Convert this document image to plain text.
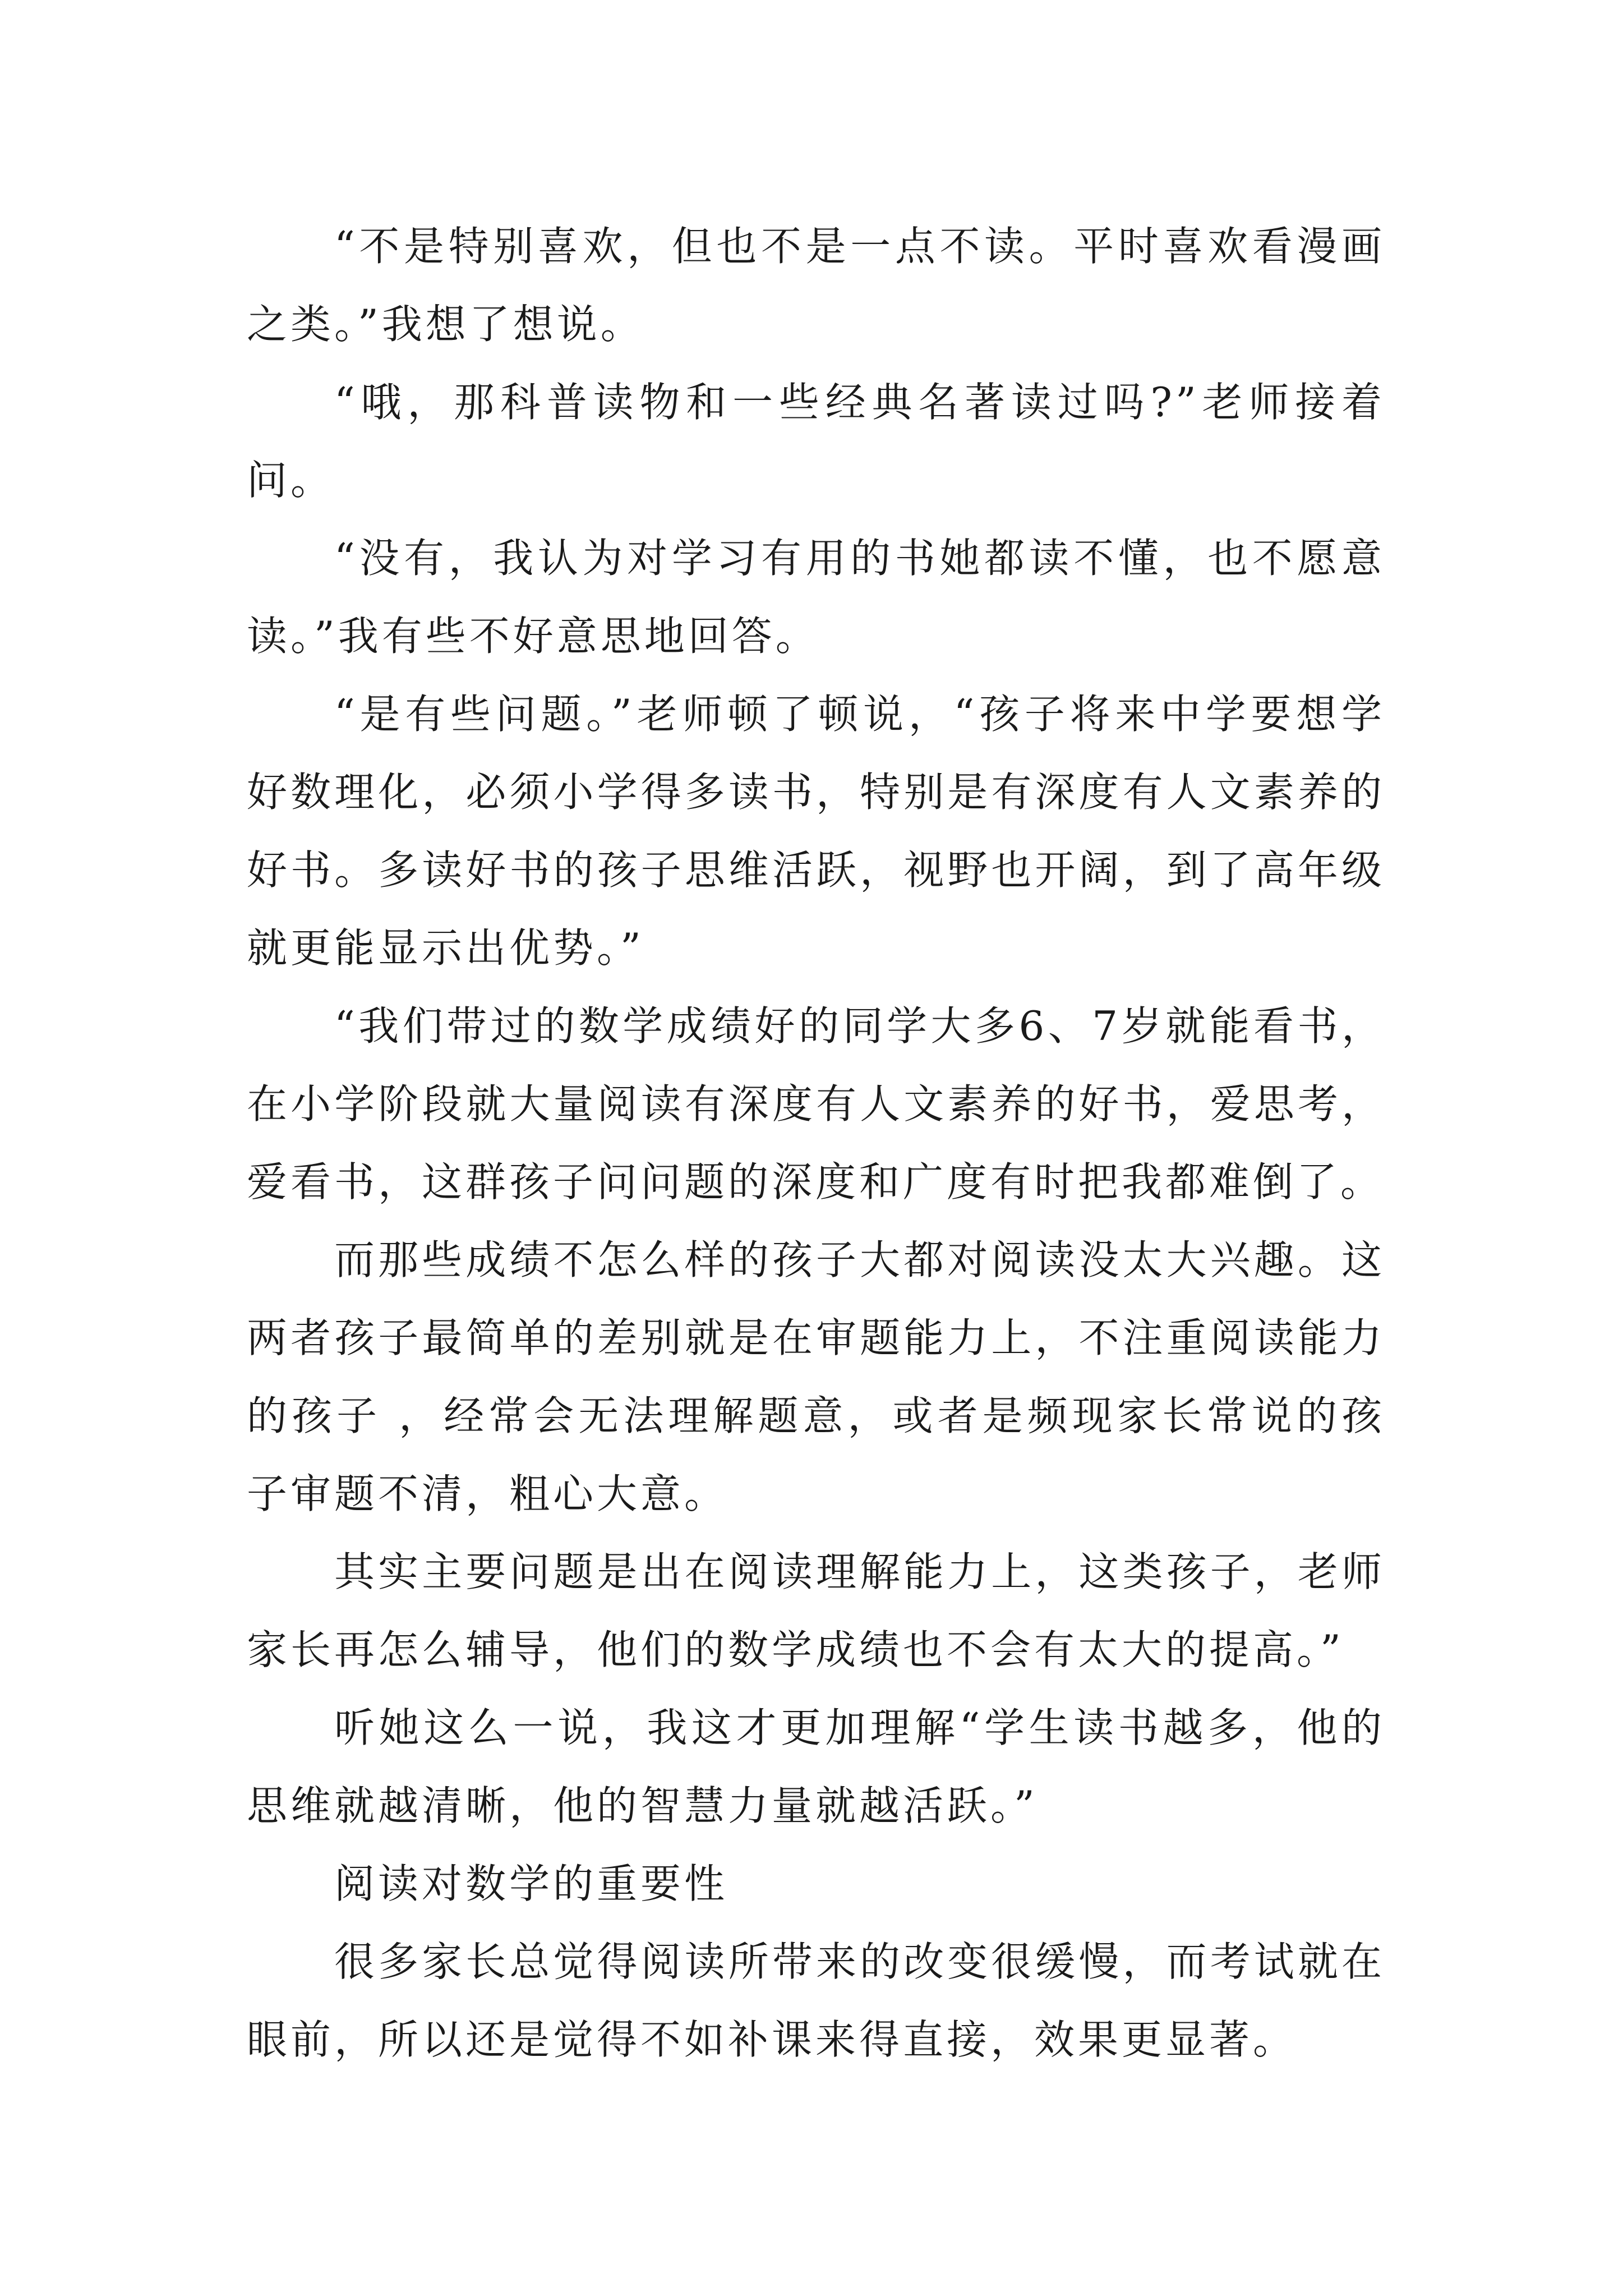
“不是特别喜欢，但也不是一点不读。平时喜欢看漫画之类。”我想了想说。

“哦，那科普读物和一些经典名著读过吗?”老师接着问。

“没有，我认为对学习有用的书她都读不懂，也不愿意读。”我有些不好意思地回答。

“是有些问题。”老师顿了顿说，“孩子将来中学要想学好数理化，必须小学得多读书，特别是有深度有人文素养的好书。多读好书的孩子思维活跃，视野也开阔，到了高年级就更能显示出优势。”

“我们带过的数学成绩好的同学大多6、7岁就能看书，在小学阶段就大量阅读有深度有人文素养的好书，爱思考，爱看书，这群孩子问问题的深度和广度有时把我都难倒了。

而那些成绩不怎么样的孩子大都对阅读没太大兴趣。这两者孩子最简单的差别就是在审题能力上，不注重阅读能力的孩子 ，经常会无法理解题意，或者是频现家长常说的孩子审题不清，粗心大意。

其实主要问题是出在阅读理解能力上，这类孩子，老师家长再怎么辅导，他们的数学成绩也不会有太大的提高。”

听她这么一说，我这才更加理解“学生读书越多，他的思维就越清晰，他的智慧力量就越活跃。”

阅读对数学的重要性

很多家长总觉得阅读所带来的改变很缓慢，而考试就在眼前，所以还是觉得不如补课来得直接，效果更显著。
